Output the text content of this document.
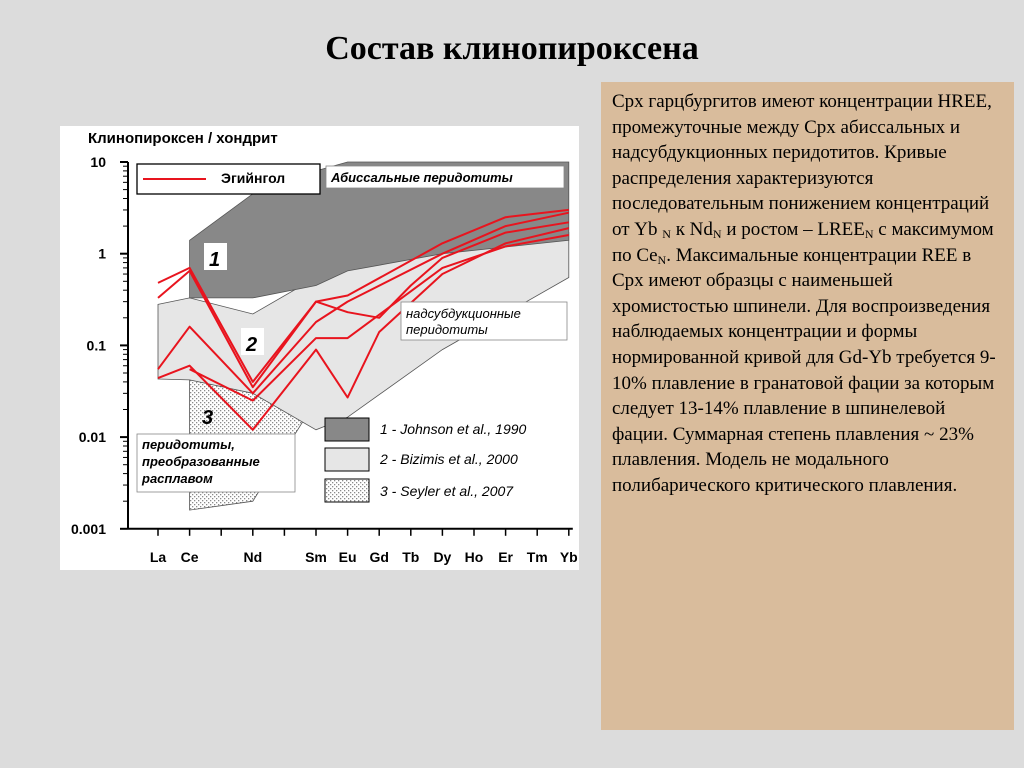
Состав клинопироксена
10
1
0.1
0.01
0.001
La Ce	Nd	Sm Eu Gd Tb Dy Ho Er Tm Yb
Клинопироксен / хондрит
Эгийнгол	Абиссальные перидотиты
1
2
3
надсубдукционные
перидотиты
перидотиты,
преобразованные
расплавом
1 - Johnson et al., 1990
2 - Bizimis et al., 2000
3 - Seyler et al., 2007
Срх гарцбургитов имеют концентрации HREE, промежуточные между Срх абиссальных и надсубдукционных перидотитов. Кривые распределения характеризуются последовательным понижением концентраций от Yb $_N$ к $Nd_N$ и ростом – $LREE_N$ с максимумом по $Ce_N$. Максимальные концентрации REE в Срх имеют образцы с наименьшей хромистостью шпинели. Для воспроизведения наблюдаемых концентрации и формы нормированной кривой для Gd-Yb требуется 9-10% плавление в гранатовой фации за которым следует 13-14% плавление в шпинелевой фации. Суммарная степень плавления ~ 23% плавления. Модель не модального полибарического критического плавления.
